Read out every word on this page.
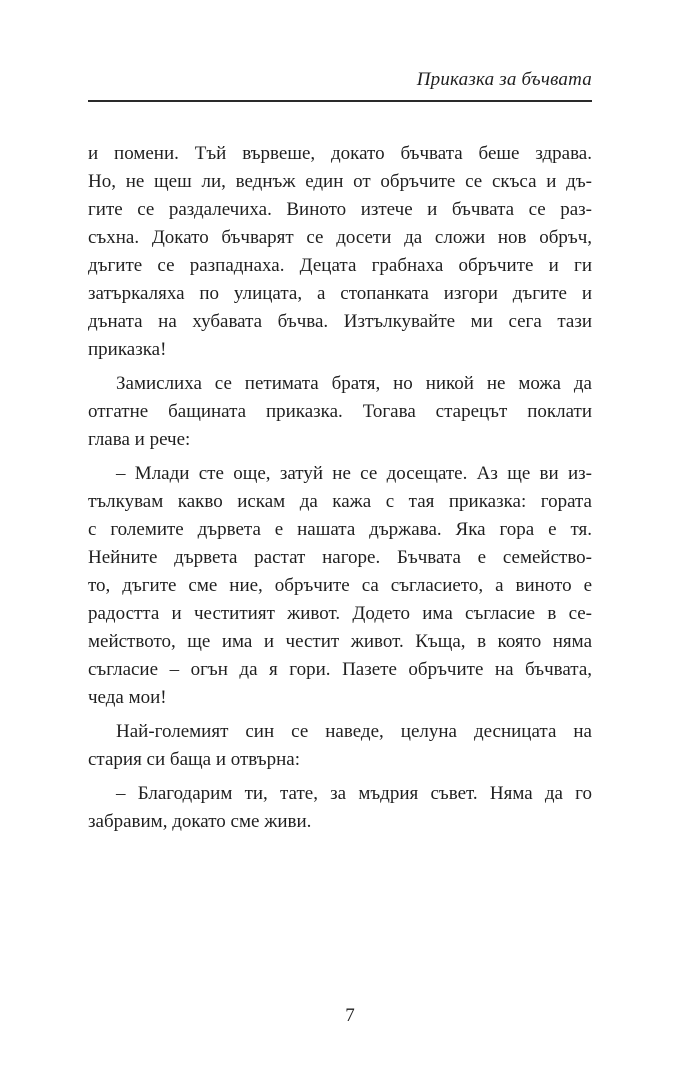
Приказка за бъчвата
и помени. Тъй вървеше, докато бъчвата беше здрава.
Но, не щеш ли, веднъж един от обръчите се скъса и дъ-
гите се раздалечиха. Виното изтече и бъчвата се раз-
съхна. Докато бъчварят се досети да сложи нов обръч,
дъгите се разпаднаха. Децата грабнаха обръчите и ги
затъркаляха по улицата, а стопанката изгори дъгите и
дъната на хубавата бъчва. Изтълкувайте ми сега тази
приказка!
Замислиха се петимата братя, но никой не можа да
отгатне бащината приказка. Тогава старецът поклати
глава и рече:
– Млади сте още, затуй не се досещате. Аз ще ви из-
тълкувам какво искам да кажа с тая приказка: гората
с големите дървета е нашата държава. Яка гора е тя.
Нейните дървета растат нагоре. Бъчвата е семейство-
то, дъгите сме ние, обръчите са съгласието, а виното е
радостта и честитият живот. Додето има съгласие в се-
мейството, ще има и честит живот. Къща, в която няма
съгласие – огън да я гори. Пазете обръчите на бъчвата,
чеда мои!
Най-големият син се наведе, целуна десницата на
стария си баща и отвърна:
– Благодарим ти, тате, за мъдрия съвет. Няма да го
забравим, докато сме живи.
7
